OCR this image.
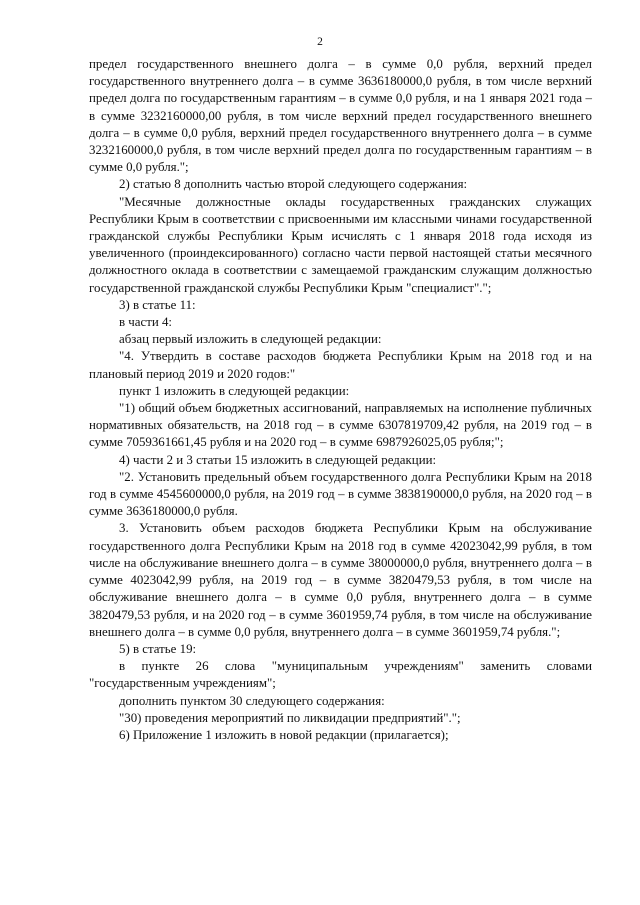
2

предел государственного внешнего долга – в сумме 0,0 рубля, верхний предел государственного внутреннего долга – в сумме 3636180000,0 рубля, в том числе верхний предел долга по государственным гарантиям – в сумме 0,0 рубля, и на 1 января 2021 года – в сумме 3232160000,00 рубля, в том числе верхний предел государственного внешнего долга – в сумме 0,0 рубля, верхний предел государственного внутреннего долга – в сумме 3232160000,0 рубля, в том числе верхний предел долга по государственным гарантиям – в сумме 0,0 рубля.";

2) статью 8 дополнить частью второй следующего содержания:

"Месячные должностные оклады государственных гражданских служащих Республики Крым в соответствии с присвоенными им классными чинами государственной гражданской службы Республики Крым исчислять с 1 января 2018 года исходя из увеличенного (проиндексированного) согласно части первой настоящей статьи месячного должностного оклада в соответствии с замещаемой гражданским служащим должностью государственной гражданской службы Республики Крым "специалист".";

3) в статье 11:

в части 4:

абзац первый изложить в следующей редакции:

"4. Утвердить в составе расходов бюджета Республики Крым на 2018 год и на плановый период 2019 и 2020 годов:"

пункт 1 изложить в следующей редакции:

"1) общий объем бюджетных ассигнований, направляемых на исполнение публичных нормативных обязательств, на 2018 год – в сумме 6307819709,42 рубля, на 2019 год – в сумме 7059361661,45 рубля и на 2020 год – в сумме 6987926025,05 рубля;";

4) части 2 и 3 статьи 15 изложить в следующей редакции:

"2. Установить предельный объем государственного долга Республики Крым на 2018 год в сумме 4545600000,0 рубля, на 2019 год – в сумме 3838190000,0 рубля, на 2020 год – в сумме 3636180000,0 рубля.

3. Установить объем расходов бюджета Республики Крым на обслуживание государственного долга Республики Крым на 2018 год в сумме 42023042,99 рубля, в том числе на обслуживание внешнего долга – в сумме 38000000,0 рубля, внутреннего долга – в сумме 4023042,99 рубля, на 2019 год – в сумме 3820479,53 рубля, в том числе на обслуживание внешнего долга – в сумме 0,0 рубля, внутреннего долга – в сумме 3820479,53 рубля, и на 2020 год – в сумме 3601959,74 рубля, в том числе на обслуживание внешнего долга – в сумме 0,0 рубля, внутреннего долга – в сумме 3601959,74 рубля.";

5) в статье 19:

в пункте 26 слова "муниципальным учреждениям" заменить словами "государственным учреждениям";

дополнить пунктом 30 следующего содержания:

"30) проведения мероприятий по ликвидации предприятий".";

6) Приложение 1 изложить в новой редакции (прилагается);
